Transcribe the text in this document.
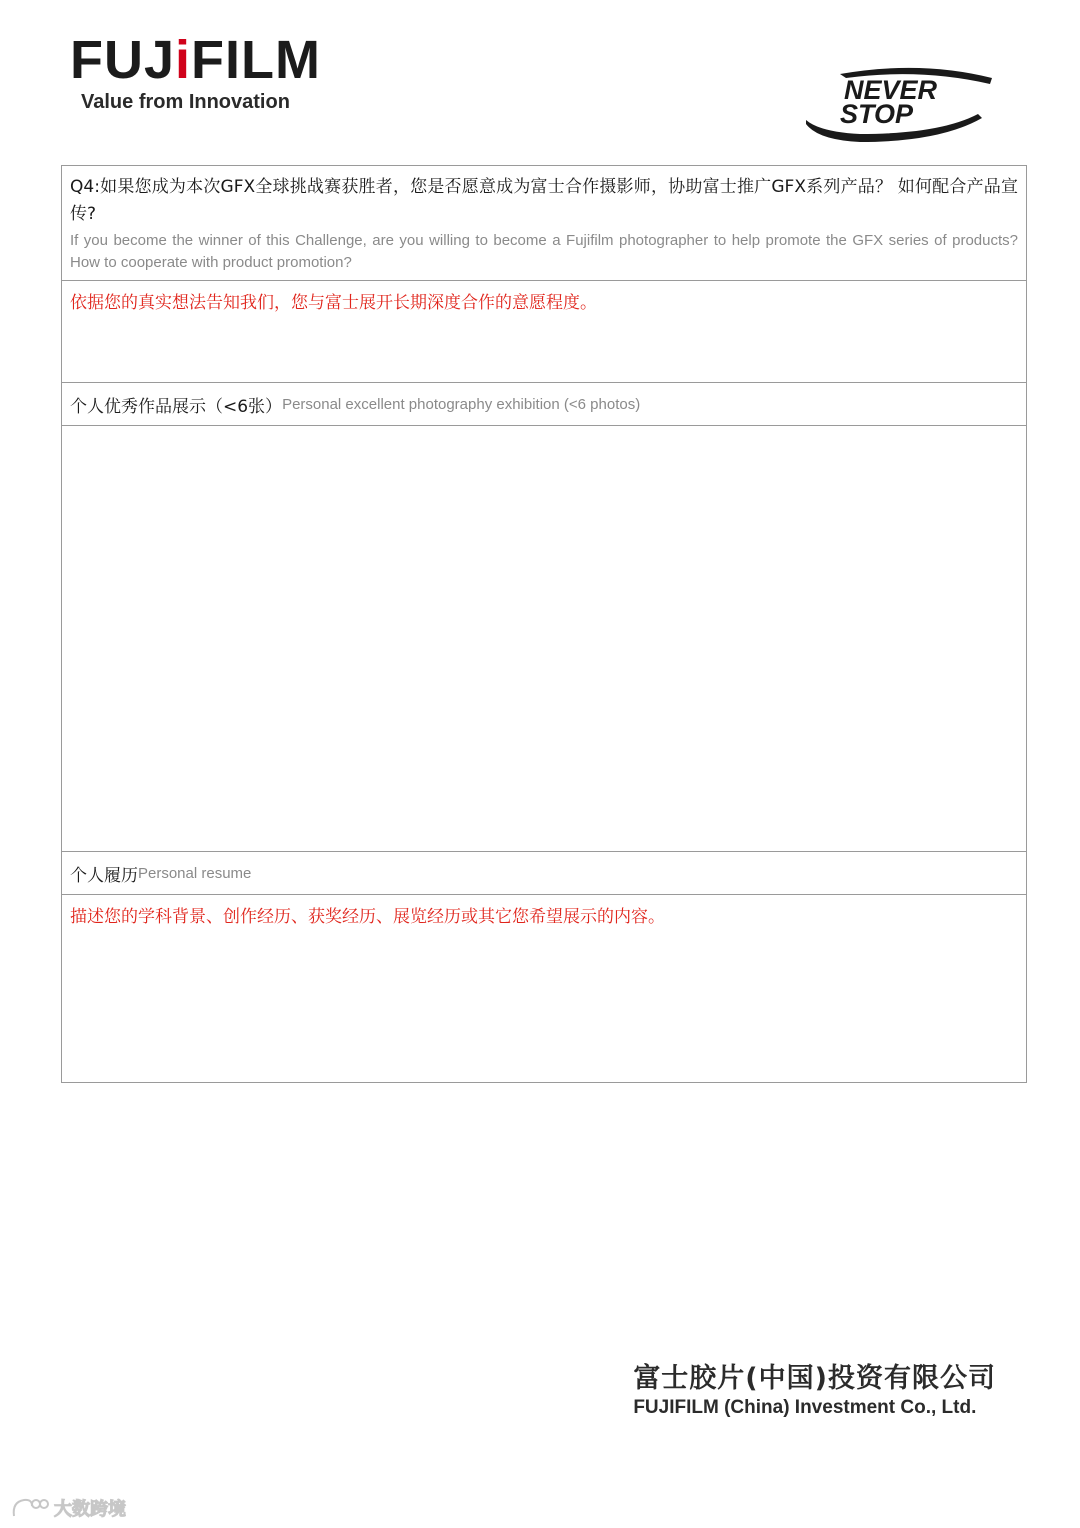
FUJiFILM
Value from Innovation	NEVER
STOP
Q4:如果您成为本次GFX全球挑战赛获胜者，您是否愿意成为富士合作摄影师，协助富士推广GFX系列产品？ 如何配合产品宣传?
If you become the winner of this Challenge, are you willing to become a Fujifilm photographer to help promote the GFX series of products? How to cooperate with product promotion?
依据您的真实想法告知我们，您与富士展开长期深度合作的意愿程度。
个人优秀作品展示（<6张） Personal excellent photography exhibition (<6 photos)
个人履历 Personal resume
描述您的学科背景、创作经历、获奖经历、展览经历或其它您希望展示的内容。
富士胶片(中国)投资有限公司
FUJIFILM (China) Investment Co., Ltd.
大数跨境
